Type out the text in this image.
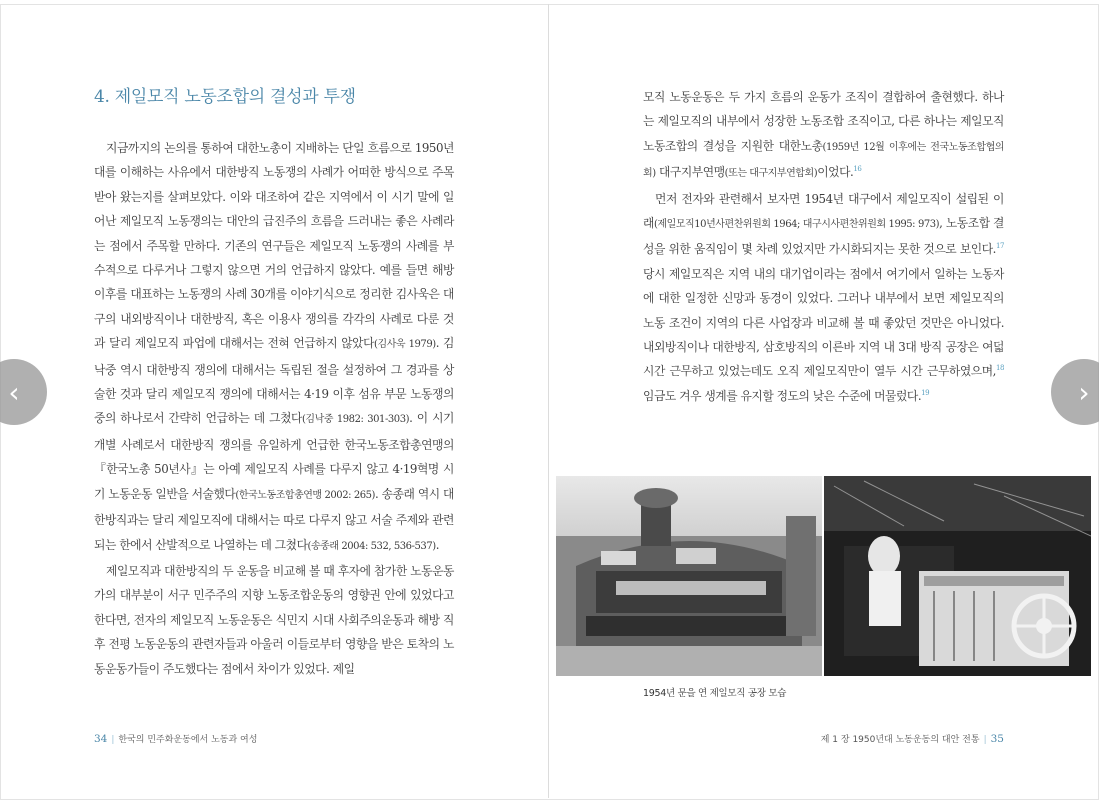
4. 제일모직 노동조합의 결성과 투쟁

지금까지의 논의를 통하여 대한노총이 지배하는 단일 흐름으로 1950년대를 이해하는 사유에서 대한방직 노동쟁의 사례가 어떠한 방식으로 주목받아 왔는지를 살펴보았다. 이와 대조하여 같은 지역에서 이 시기 말에 일어난 제일모직 노동쟁의는 대안의 급진주의 흐름을 드러내는 좋은 사례라는 점에서 주목할 만하다. 기존의 연구들은 제일모직 노동쟁의 사례를 부수적으로 다루거나 그렇지 않으면 거의 언급하지 않았다. 예를 들면 해방 이후를 대표하는 노동쟁의 사례 30개를 이야기식으로 정리한 김사욱은 대구의 내외방직이나 대한방직, 혹은 이용사 쟁의를 각각의 사례로 다룬 것과 달리 제일모직 파업에 대해서는 전혀 언급하지 않았다(김사욱 1979). 김낙중 역시 대한방직 쟁의에 대해서는 독립된 절을 설정하여 그 경과를 상술한 것과 달리 제일모직 쟁의에 대해서는 4·19 이후 섬유 부문 노동쟁의 중의 하나로서 간략히 언급하는 데 그쳤다(김낙중 1982: 301-303). 이 시기 개별 사례로서 대한방직 쟁의를 유일하게 언급한 한국노동조합총연맹의 『한국노총 50년사』는 아예 제일모직 사례를 다루지 않고 4·19혁명 시기 노동운동 일반을 서술했다(한국노동조합총연맹 2002: 265). 송종래 역시 대한방직과는 달리 제일모직에 대해서는 따로 다루지 않고 서술 주제와 관련되는 한에서 산발적으로 나열하는 데 그쳤다(송종래 2004: 532, 536-537).

제일모직과 대한방직의 두 운동을 비교해 볼 때 후자에 참가한 노동운동가의 대부분이 서구 민주주의 지향 노동조합운동의 영향권 안에 있었다고 한다면, 전자의 제일모직 노동운동은 식민지 시대 사회주의운동과 해방 직후 전평 노동운동의 관련자들과 아울러 이들로부터 영향을 받은 토착의 노동운동가들이 주도했다는 점에서 차이가 있었다. 제일

34 | 한국의 민주화운동에서 노동과 여성

모직 노동운동은 두 가지 흐름의 운동가 조직이 결합하여 출현했다. 하나는 제일모직의 내부에서 성장한 노동조합 조직이고, 다른 하나는 제일모직 노동조합의 결성을 지원한 대한노총(1959년 12월 이후에는 전국노동조합협의회) 대구지부연맹(또는 대구지부연합회)이었다.$^{16}$

먼저 전자와 관련해서 보자면 1954년 대구에서 제일모직이 설립된 이래(제일모직10년사편찬위원회 1964; 대구시사편찬위원회 1995: 973), 노동조합 결성을 위한 움직임이 몇 차례 있었지만 가시화되지는 못한 것으로 보인다.$^{17}$ 당시 제일모직은 지역 내의 대기업이라는 점에서 여기에서 일하는 노동자에 대한 일정한 신망과 동경이 있었다. 그러나 내부에서 보면 제일모직의 노동 조건이 지역의 다른 사업장과 비교해 볼 때 좋았던 것만은 아니었다. 내외방직이나 대한방직, 삼호방직의 이른바 지역 내 3대 방직 공장은 여덟 시간 근무하고 있었는데도 오직 제일모직만이 열두 시간 근무하였으며,$^{18}$ 임금도 겨우 생계를 유지할 정도의 낮은 수준에 머물렀다.$^{19}$

1954년 문을 연 제일모직 공장 모습
제 1 장 1950년대 노동운동의 대안 전통 | 35
‹	›
